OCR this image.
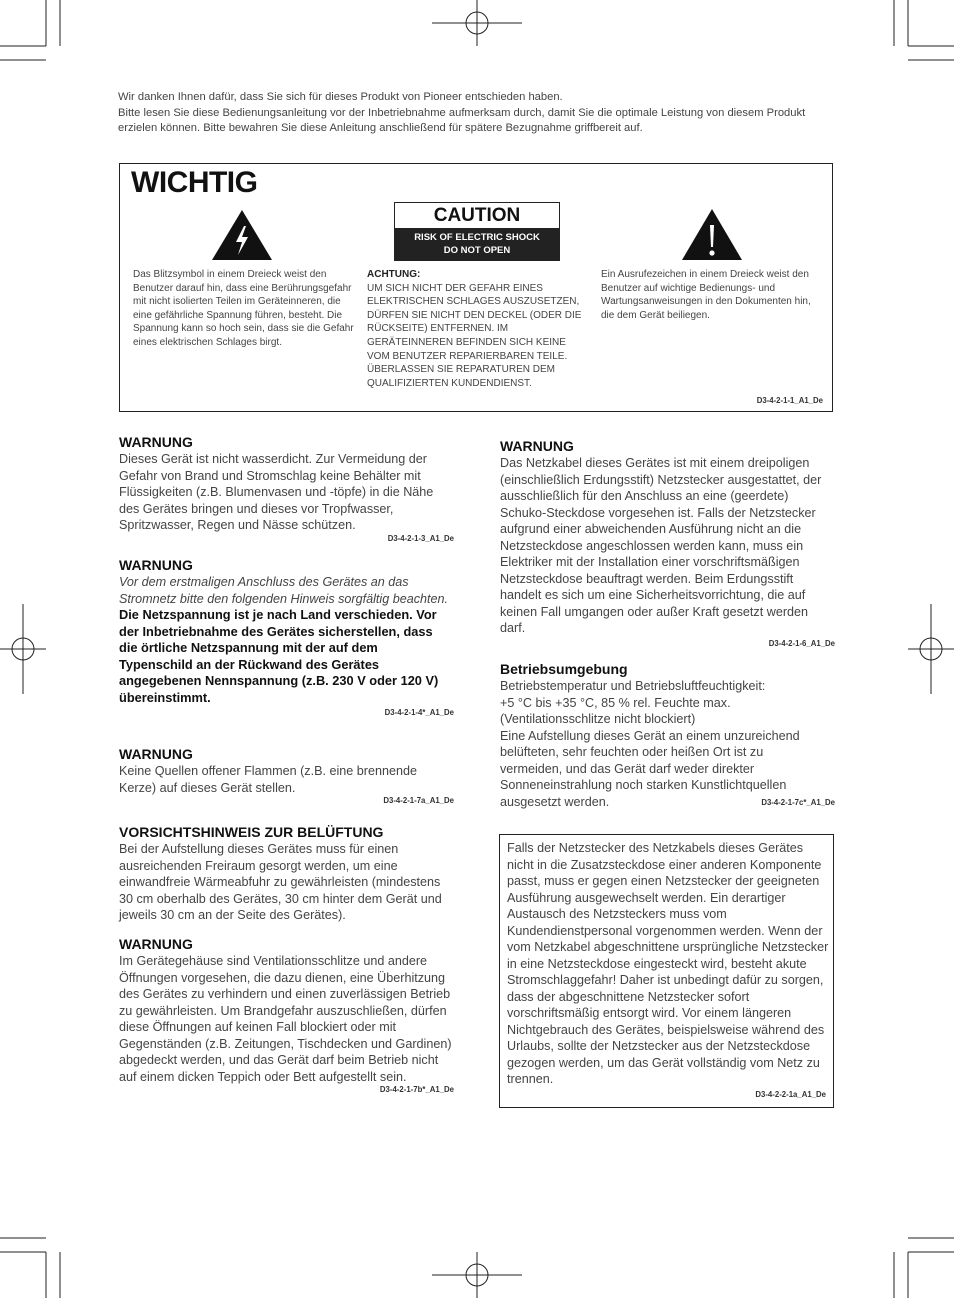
Wir danken Ihnen dafür, dass Sie sich für dieses Produkt von Pioneer entschieden haben.

Bitte lesen Sie diese Bedienungsanleitung vor der Inbetriebnahme aufmerksam durch, damit Sie die optimale Leistung von diesem Produkt erzielen können. Bitte bewahren Sie diese Anleitung anschließend für spätere Bezugnahme griffbereit auf.

WICHTIG
CAUTION
RISK OF ELECTRIC SHOCK
DO NOT OPEN
Das Blitzsymbol in einem Dreieck weist den Benutzer darauf hin, dass eine Berührungsgefahr mit nicht isolierten Teilen im Geräteinneren, die eine gefährliche Spannung führen, besteht. Die Spannung kann so hoch sein, dass sie die Gefahr eines elektrischen Schlages birgt.
ACHTUNG:
UM SICH NICHT DER GEFAHR EINES ELEKTRISCHEN SCHLAGES AUSZUSETZEN, DÜRFEN SIE NICHT DEN DECKEL (ODER DIE RÜCKSEITE) ENTFERNEN. IM GERÄTEINNEREN BEFINDEN SICH KEINE VOM BENUTZER REPARIERBAREN TEILE. ÜBERLASSEN SIE REPARATUREN DEM QUALIFIZIERTEN KUNDENDIENST.
Ein Ausrufezeichen in einem Dreieck weist den Benutzer auf wichtige Bedienungs- und Wartungsanweisungen in den Dokumenten hin, die dem Gerät beiliegen.
D3-4-2-1-1_A1_De
WARNUNG
Dieses Gerät ist nicht wasserdicht. Zur Vermeidung der Gefahr von Brand und Stromschlag keine Behälter mit Flüssigkeiten (z.B. Blumenvasen und -töpfe) in die Nähe des Gerätes bringen und dieses vor Tropfwasser, Spritzwasser, Regen und Nässe schützen.
D3-4-2-1-3_A1_De
WARNUNG
Vor dem erstmaligen Anschluss des Gerätes an das Stromnetz bitte den folgenden Hinweis sorgfältig beachten.
Die Netzspannung ist je nach Land verschieden. Vor der Inbetriebnahme des Gerätes sicherstellen, dass die örtliche Netzspannung mit der auf dem Typenschild an der Rückwand des Gerätes angegebenen Nennspannung (z.B. 230 V oder 120 V) übereinstimmt.
D3-4-2-1-4*_A1_De
WARNUNG
Keine Quellen offener Flammen (z.B. eine brennende Kerze) auf dieses Gerät stellen.
D3-4-2-1-7a_A1_De
VORSICHTSHINWEIS ZUR BELÜFTUNG
Bei der Aufstellung dieses Gerätes muss für einen ausreichenden Freiraum gesorgt werden, um eine einwandfreie Wärmeabfuhr zu gewährleisten (mindestens 30 cm oberhalb des Gerätes, 30 cm hinter dem Gerät und jeweils 30 cm an der Seite des Gerätes).
WARNUNG
Im Gerätegehäuse sind Ventilationsschlitze und andere Öffnungen vorgesehen, die dazu dienen, eine Überhitzung des Gerätes zu verhindern und einen zuverlässigen Betrieb zu gewährleisten. Um Brandgefahr auszuschließen, dürfen diese Öffnungen auf keinen Fall blockiert oder mit Gegenständen (z.B. Zeitungen, Tischdecken und Gardinen) abgedeckt werden, und das Gerät darf beim Betrieb nicht auf einem dicken Teppich oder Bett aufgestellt sein.
D3-4-2-1-7b*_A1_De
WARNUNG
Das Netzkabel dieses Gerätes ist mit einem dreipoligen (einschließlich Erdungsstift) Netzstecker ausgestattet, der ausschließlich für den Anschluss an eine (geerdete) Schuko-Steckdose vorgesehen ist. Falls der Netzstecker aufgrund einer abweichenden Ausführung nicht an die Netzsteckdose angeschlossen werden kann, muss ein Elektriker mit der Installation einer vorschriftsmäßigen Netzsteckdose beauftragt werden. Beim Erdungsstift handelt es sich um eine Sicherheitsvorrichtung, die auf keinen Fall umgangen oder außer Kraft gesetzt werden darf.
D3-4-2-1-6_A1_De
Betriebsumgebung
Betriebstemperatur und Betriebsluftfeuchtigkeit:
+5 °C bis +35 °C, 85 % rel. Feuchte max.
(Ventilationsschlitze nicht blockiert)
Eine Aufstellung dieses Gerät an einem unzureichend belüfteten, sehr feuchten oder heißen Ort ist zu vermeiden, und das Gerät darf weder direkter Sonneneinstrahlung noch starken Kunstlichtquellen ausgesetzt werden.	D3-4-2-1-7c*_A1_De
Falls der Netzstecker des Netzkabels dieses Gerätes nicht in die Zusatzsteckdose einer anderen Komponente passt, muss er gegen einen Netzstecker der geeigneten Ausführung ausgewechselt werden. Ein derartiger Austausch des Netzsteckers muss vom Kundendienstpersonal vorgenommen werden. Wenn der vom Netzkabel abgeschnittene ursprüngliche Netzstecker in eine Netzsteckdose eingesteckt wird, besteht akute Stromschlaggefahr! Daher ist unbedingt dafür zu sorgen, dass der abgeschnittene Netzstecker sofort vorschriftsmäßig entsorgt wird. Vor einem längeren Nichtgebrauch des Gerätes, beispielsweise während des Urlaubs, sollte der Netzstecker aus der Netzsteckdose gezogen werden, um das Gerät vollständig vom Netz zu trennen.
D3-4-2-2-1a_A1_De
